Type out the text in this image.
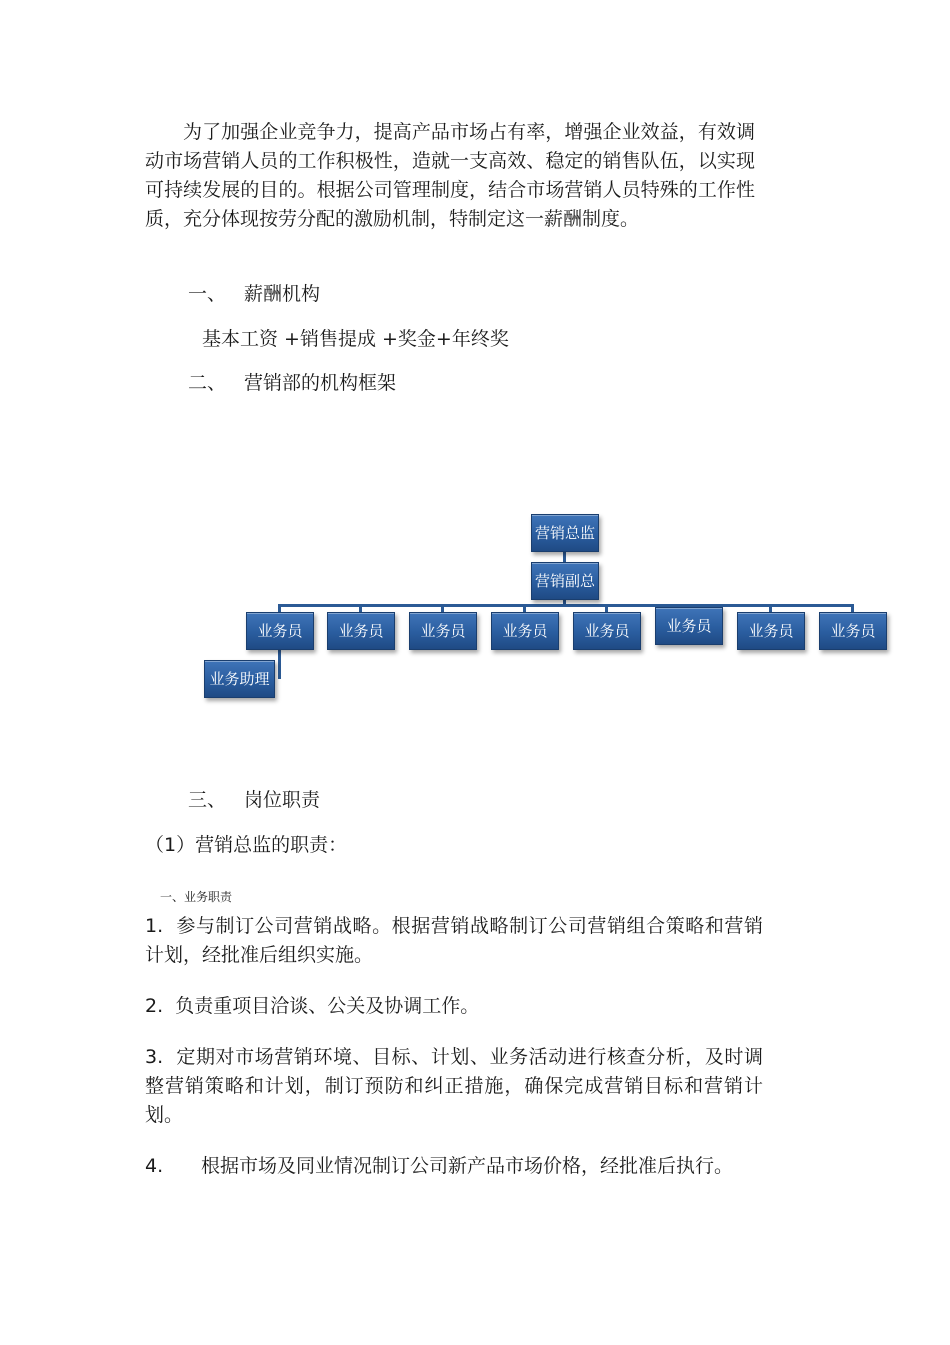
为了加强企业竞争力，提高产品市场占有率，增强企业效益，有效调动市场营销人员的工作积极性，造就一支高效、稳定的销售队伍，以实现可持续发展的目的。根据公司管理制度，结合市场营销人员特殊的工作性质，充分体现按劳分配的激励机制，特制定这一薪酬制度。

一、 薪酬机构
基本工资 +销售提成 +奖金+年终奖
二、 营销部的机构框架
营销总监
营销副总
业务员	业务员	业务员	业务员	业务员	业务员	业务员	业务员
业务助理
三、 岗位职责
（1）营销总监的职责：
一、业务职责

1. 参与制订公司营销战略。根据营销战略制订公司营销组合策略和营销计划，经批准后组织实施。

2. 负责重项目洽谈、公关及协调工作。

3. 定期对市场营销环境、目标、计划、业务活动进行核查分析，及时调整营销策略和计划，制订预防和纠正措施，确保完成营销目标和营销计划。

4. 根据市场及同业情况制订公司新产品市场价格，经批准后执行。
